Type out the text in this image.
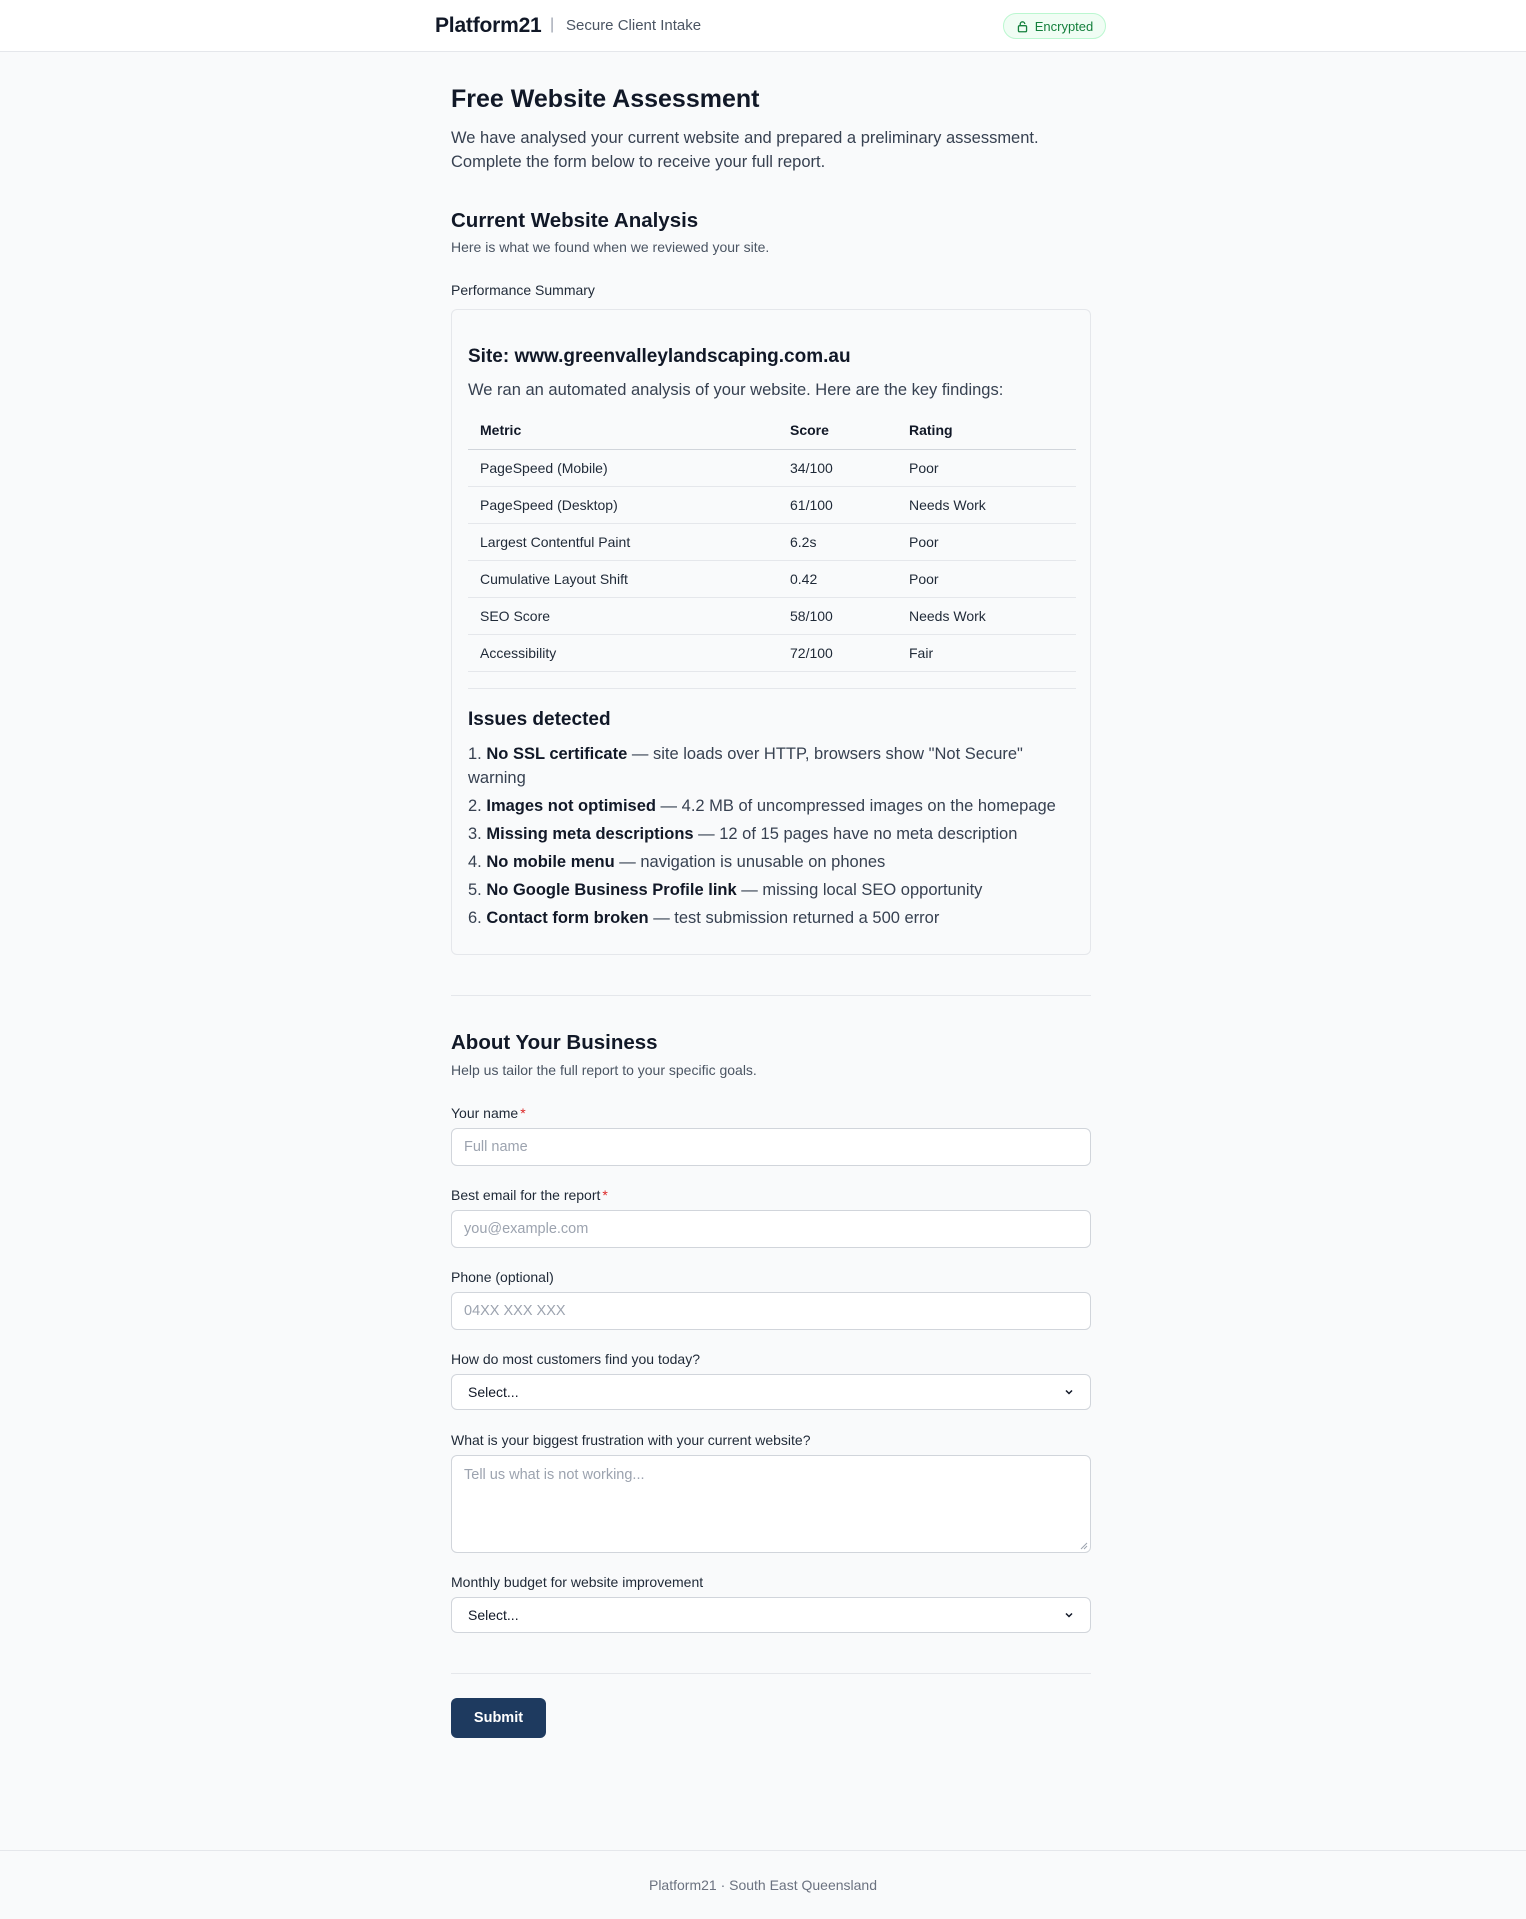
Platform21 | Secure Client Intake	Encrypted
Free Website Assessment

We have analysed your current website and prepared a preliminary assessment. Complete the form below to receive your full report.

Current Website Analysis

Here is what we found when we reviewed your site.

Performance Summary
Site: www.greenvalleylandscaping.com.au
We ran an automated analysis of your website. Here are the key findings:
Metric	Score	Rating
PageSpeed (Mobile)	34/100	Poor
PageSpeed (Desktop)	61/100	Needs Work
Largest Contentful Paint	6.2s	Poor
Cumulative Layout Shift	0.42	Poor
SEO Score	58/100	Needs Work
Accessibility	72/100	Fair
Issues detected
1. No SSL certificate — site loads over HTTP, browsers show "Not Secure" warning
2. Images not optimised — 4.2 MB of uncompressed images on the homepage
3. Missing meta descriptions — 12 of 15 pages have no meta description
4. No mobile menu — navigation is unusable on phones
5. No Google Business Profile link — missing local SEO opportunity
6. Contact form broken — test submission returned a 500 error
About Your Business

Help us tailor the full report to your specific goals.

Your name *
Full name
Best email for the report *
you@example.com
Phone (optional)
04XX XXX XXX
How do most customers find you today?
Select...
What is your biggest frustration with your current website?
Tell us what is not working...
Monthly budget for website improvement
Select...
Submit
Platform21 · South East Queensland
